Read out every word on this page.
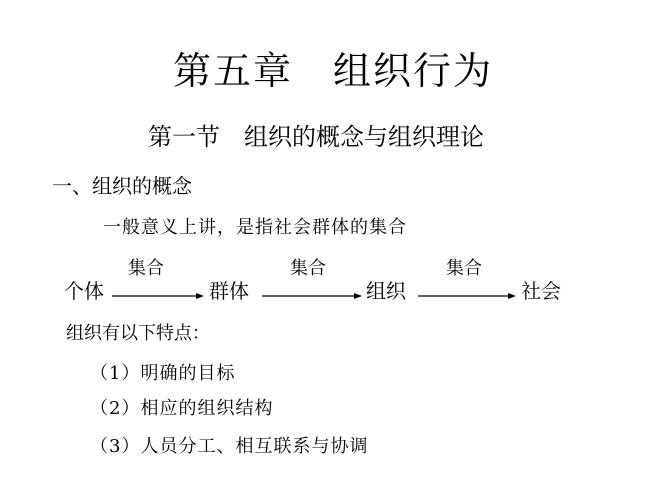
第五章　组织行为
第一节　组织的概念与组织理论
一、组织的概念
一般意义上讲，是指社会群体的集合
个体	群体	组织	社会
集合	集合	集合
组织有以下特点：
（1）明确的目标
（2）相应的组织结构
（3）人员分工、相互联系与协调
